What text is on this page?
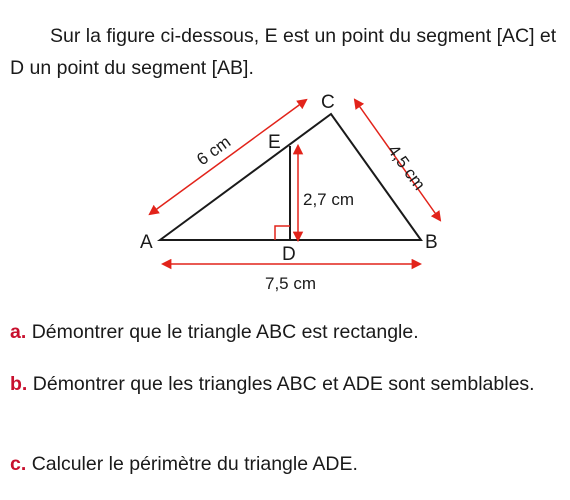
Sur la figure ci-dessous, E est un point du segment [AC] et D un point du segment [AB].
A	B
C
D
E
6 cm	4,5 cm
2,7 cm
7,5 cm
a. Démontrer que le triangle ABC est rectangle.
b. Démontrer que les triangles ABC et ADE sont semblables.
c. Calculer le périmètre du triangle ADE.
